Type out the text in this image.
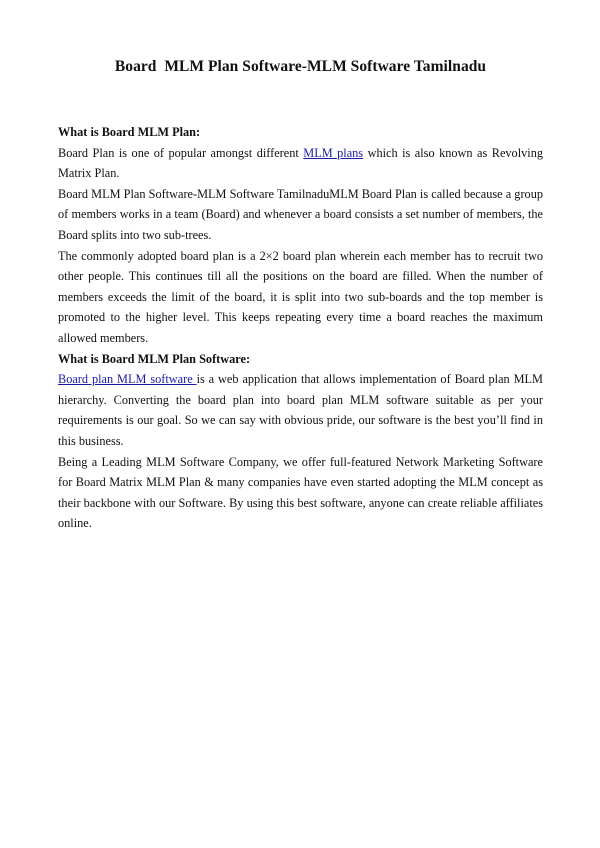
Board  MLM Plan Software-MLM Software Tamilnadu

What is Board MLM Plan:

Board Plan is one of popular amongst different MLM plans which is also known as Revolving Matrix Plan.

Board MLM Plan Software-MLM Software TamilnaduMLM Board Plan is called because a group of members works in a team (Board) and whenever a board consists a set number of members, the Board splits into two sub-trees.

The commonly adopted board plan is a 2×2 board plan wherein each member has to recruit two other people. This continues till all the positions on the board are filled. When the number of members exceeds the limit of the board, it is split into two sub-boards and the top member is promoted to the higher level. This keeps repeating every time a board reaches the maximum allowed members.

What is Board MLM Plan Software:

Board plan MLM software is a web application that allows implementation of Board plan MLM hierarchy. Converting the board plan into board plan MLM software suitable as per your requirements is our goal. So we can say with obvious pride, our software is the best you’ll find in this business.

Being a Leading MLM Software Company, we offer full-featured Network Marketing Software for Board Matrix MLM Plan & many companies have even started adopting the MLM concept as their backbone with our Software. By using this best software, anyone can create reliable affiliates online.
